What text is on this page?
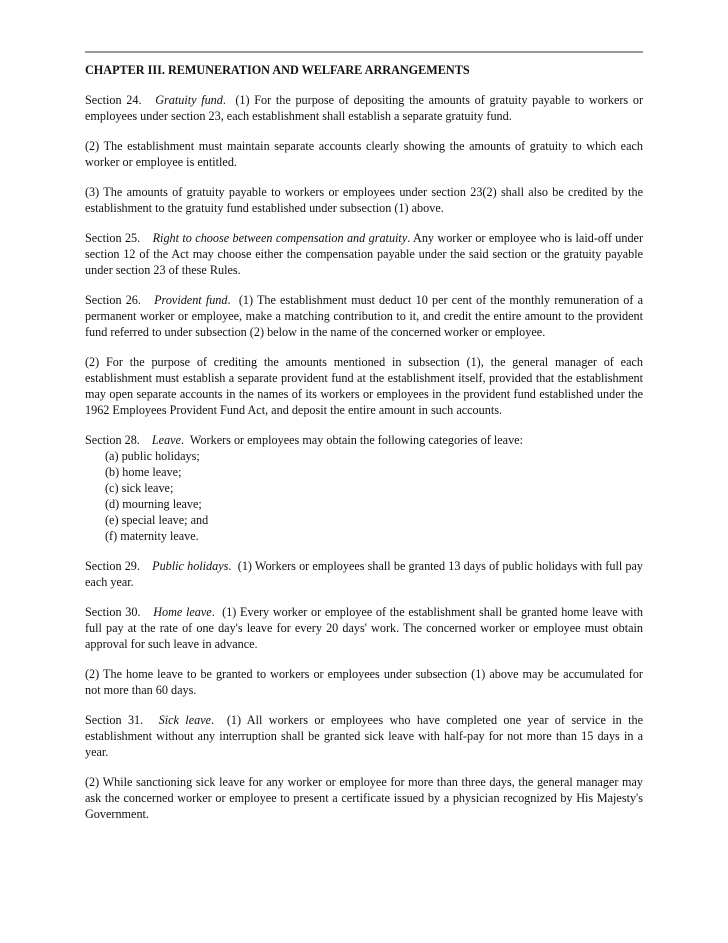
CHAPTER III. REMUNERATION AND WELFARE ARRANGEMENTS

Section 24. Gratuity fund.  (1) For the purpose of depositing the amounts of gratuity payable to workers or employees under section 23, each establishment shall establish a separate gratuity fund.

(2) The establishment must maintain separate accounts clearly showing the amounts of gratuity to which each worker or employee is entitled.

(3) The amounts of gratuity payable to workers or employees under section 23(2) shall also be credited by the establishment to the gratuity fund established under subsection (1) above.

Section 25. Right to choose between compensation and gratuity. Any worker or employee who is laid-off under section 12 of the Act may choose either the compensation payable under the said section or the gratuity payable under section 23 of these Rules.

Section 26. Provident fund.  (1) The establishment must deduct 10 per cent of the monthly remuneration of a permanent worker or employee, make a matching contribution to it, and credit the entire amount to the provident fund referred to under subsection (2) below in the name of the concerned worker or employee.

(2) For the purpose of crediting the amounts mentioned in subsection (1), the general manager of each establishment must establish a separate provident fund at the establishment itself, provided that the establishment may open separate accounts in the names of its workers or employees in the provident fund established under the 1962 Employees Provident Fund Act, and deposit the entire amount in such accounts.

Section 28. Leave.  Workers or employees may obtain the following categories of leave:

(a) public holidays;
(b) home leave;
(c) sick leave;
(d) mourning leave;
(e) special leave; and
(f) maternity leave.

Section 29. Public holidays.  (1) Workers or employees shall be granted 13 days of public holidays with full pay each year.

Section 30. Home leave.  (1) Every worker or employee of the establishment shall be granted home leave with full pay at the rate of one day's leave for every 20 days' work. The concerned worker or employee must obtain approval for such leave in advance.

(2) The home leave to be granted to workers or employees under subsection (1) above may be accumulated for not more than 60 days.

Section 31. Sick leave.  (1) All workers or employees who have completed one year of service in the establishment without any interruption shall be granted sick leave with half-pay for not more than 15 days in a year.

(2) While sanctioning sick leave for any worker or employee for more than three days, the general manager may ask the concerned worker or employee to present a certificate issued by a physician recognized by His Majesty's Government.
